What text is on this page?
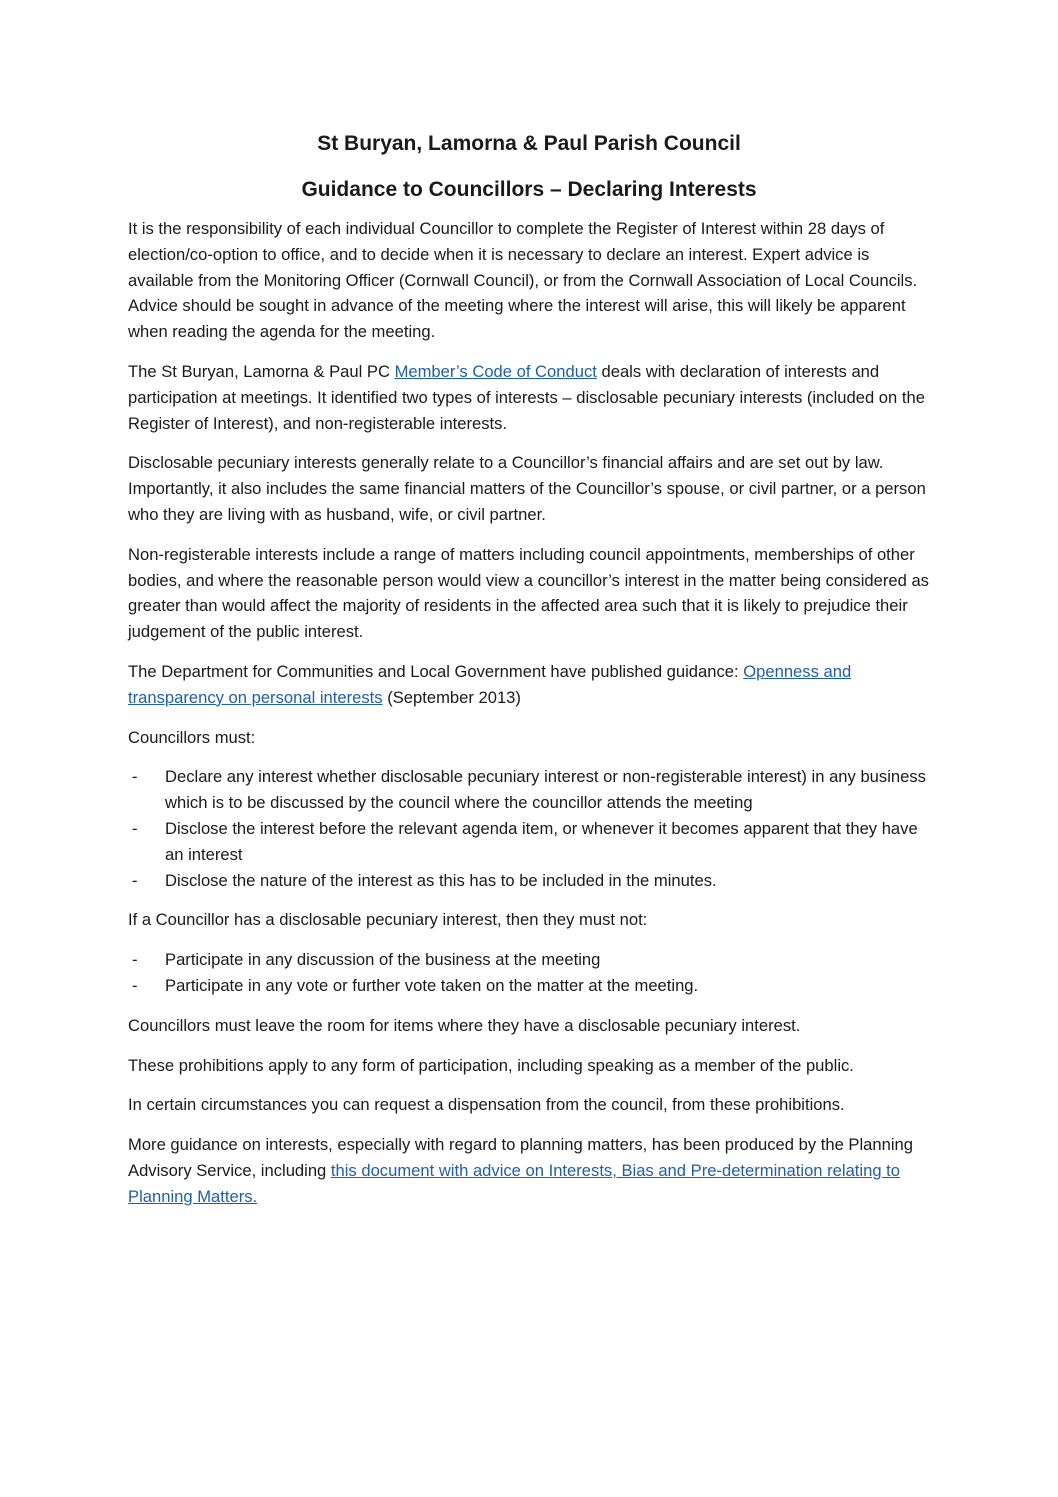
St Buryan, Lamorna & Paul Parish Council
Guidance to Councillors – Declaring Interests

It is the responsibility of each individual Councillor to complete the Register of Interest within 28 days of election/co-option to office, and to decide when it is necessary to declare an interest. Expert advice is available from the Monitoring Officer (Cornwall Council), or from the Cornwall Association of Local Councils. Advice should be sought in advance of the meeting where the interest will arise, this will likely be apparent when reading the agenda for the meeting.

The St Buryan, Lamorna & Paul PC Member’s Code of Conduct deals with declaration of interests and participation at meetings. It identified two types of interests – disclosable pecuniary interests (included on the Register of Interest), and non-registerable interests.

Disclosable pecuniary interests generally relate to a Councillor’s financial affairs and are set out by law. Importantly, it also includes the same financial matters of the Councillor’s spouse, or civil partner, or a person who they are living with as husband, wife, or civil partner.

Non-registerable interests include a range of matters including council appointments, memberships of other bodies, and where the reasonable person would view a councillor’s interest in the matter being considered as greater than would affect the majority of residents in the affected area such that it is likely to prejudice their judgement of the public interest.

The Department for Communities and Local Government have published guidance: Openness and transparency on personal interests (September 2013)

Councillors must:

- Declare any interest whether disclosable pecuniary interest or non-registerable interest) in any business which is to be discussed by the council where the councillor attends the meeting
- Disclose the interest before the relevant agenda item, or whenever it becomes apparent that they have an interest
- Disclose the nature of the interest as this has to be included in the minutes.

If a Councillor has a disclosable pecuniary interest, then they must not:

- Participate in any discussion of the business at the meeting
- Participate in any vote or further vote taken on the matter at the meeting.

Councillors must leave the room for items where they have a disclosable pecuniary interest.

These prohibitions apply to any form of participation, including speaking as a member of the public.

In certain circumstances you can request a dispensation from the council, from these prohibitions.

More guidance on interests, especially with regard to planning matters, has been produced by the Planning Advisory Service, including this document with advice on Interests, Bias and Pre-determination relating to Planning Matters.
